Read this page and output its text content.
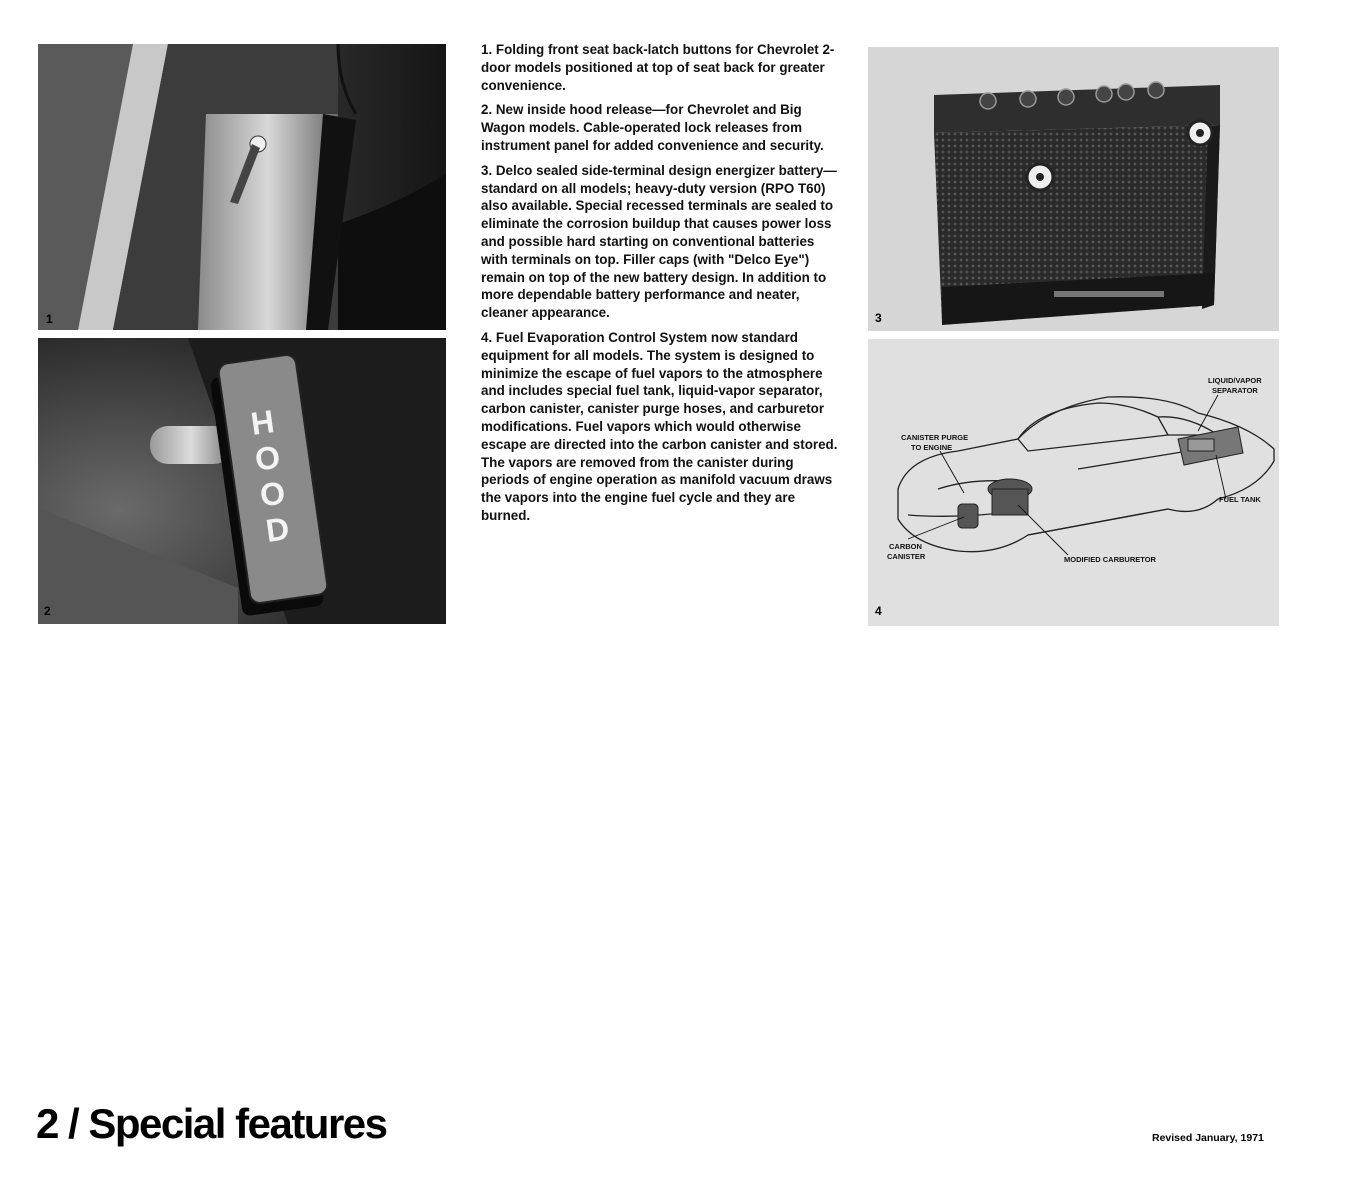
1
2
HOOD

1. Folding front seat back-latch buttons for Chevrolet 2-door models positioned at top of seat back for greater convenience.

2. New inside hood release—for Chevrolet and Big Wagon models. Cable-operated lock releases from instrument panel for added convenience and security.

3. Delco sealed side-terminal design energizer battery—standard on all models; heavy-duty version (RPO T60) also available. Special recessed terminals are sealed to eliminate the corrosion buildup that causes power loss and possible hard starting on conventional batteries with terminals on top. Filler caps (with "Delco Eye") remain on top of the new battery design. In addition to more dependable battery performance and neater, cleaner appearance.

4. Fuel Evaporation Control System now standard equipment for all models. The system is designed to minimize the escape of fuel vapors to the atmosphere and includes special fuel tank, liquid-vapor separator, carbon canister, canister purge hoses, and carburetor modifications. Fuel vapors which would otherwise escape are directed into the carbon canister and stored. The vapors are removed from the canister during periods of engine operation as manifold vacuum draws the vapors into the engine fuel cycle and they are burned.

3
LIQUID/VAPOR
SEPARATOR
CANISTER PURGE
TO ENGINE
FUEL TANK
CARBON
CANISTER	MODIFIED CARBURETOR
4
2 / Special features	Revised January, 1971
